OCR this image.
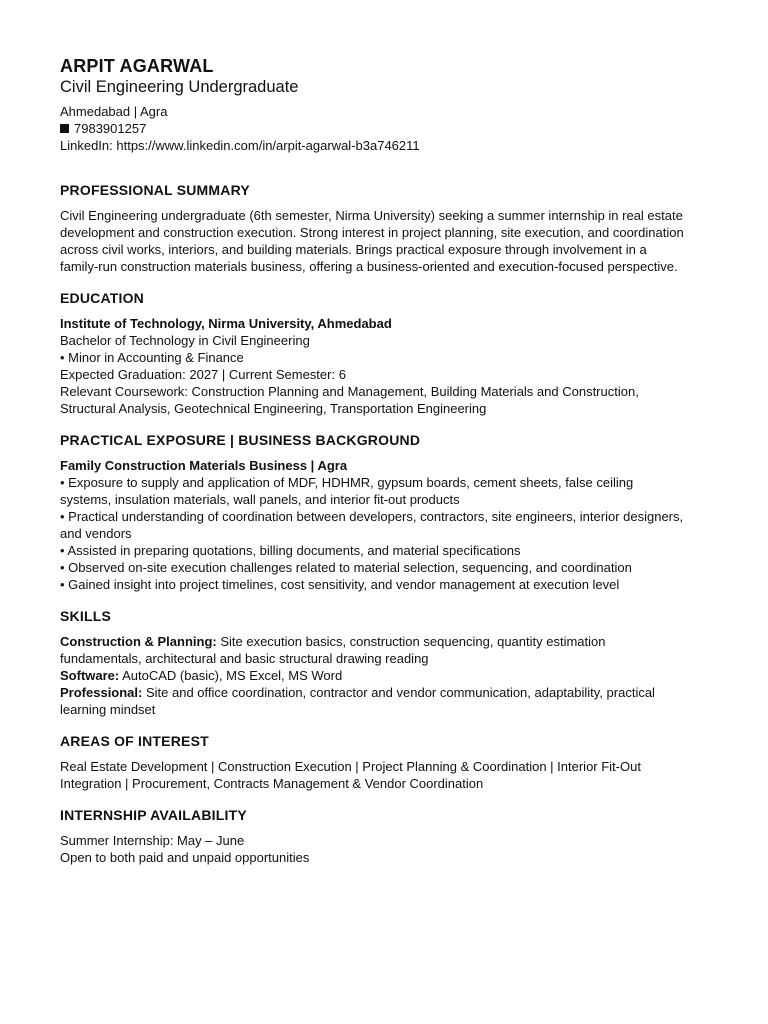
ARPIT AGARWAL
Civil Engineering Undergraduate
Ahmedabad | Agra
7983901257
LinkedIn: https://www.linkedin.com/in/arpit-agarwal-b3a746211
PROFESSIONAL SUMMARY
Civil Engineering undergraduate (6th semester, Nirma University) seeking a summer internship in real estate
development and construction execution. Strong interest in project planning, site execution, and coordination
across civil works, interiors, and building materials. Brings practical exposure through involvement in a
family-run construction materials business, offering a business-oriented and execution-focused perspective.
EDUCATION
Institute of Technology, Nirma University, Ahmedabad
Bachelor of Technology in Civil Engineering
• Minor in Accounting & Finance
Expected Graduation: 2027 | Current Semester: 6
Relevant Coursework: Construction Planning and Management, Building Materials and Construction,
Structural Analysis, Geotechnical Engineering, Transportation Engineering
PRACTICAL EXPOSURE | BUSINESS BACKGROUND
Family Construction Materials Business | Agra
• Exposure to supply and application of MDF, HDHMR, gypsum boards, cement sheets, false ceiling
systems, insulation materials, wall panels, and interior fit-out products
• Practical understanding of coordination between developers, contractors, site engineers, interior designers,
and vendors
• Assisted in preparing quotations, billing documents, and material specifications
• Observed on-site execution challenges related to material selection, sequencing, and coordination
• Gained insight into project timelines, cost sensitivity, and vendor management at execution level
SKILLS
Construction & Planning: Site execution basics, construction sequencing, quantity estimation
fundamentals, architectural and basic structural drawing reading
Software: AutoCAD (basic), MS Excel, MS Word
Professional: Site and office coordination, contractor and vendor communication, adaptability, practical
learning mindset
AREAS OF INTEREST
Real Estate Development | Construction Execution | Project Planning & Coordination | Interior Fit-Out
Integration | Procurement, Contracts Management & Vendor Coordination
INTERNSHIP AVAILABILITY
Summer Internship: May – June
Open to both paid and unpaid opportunities
